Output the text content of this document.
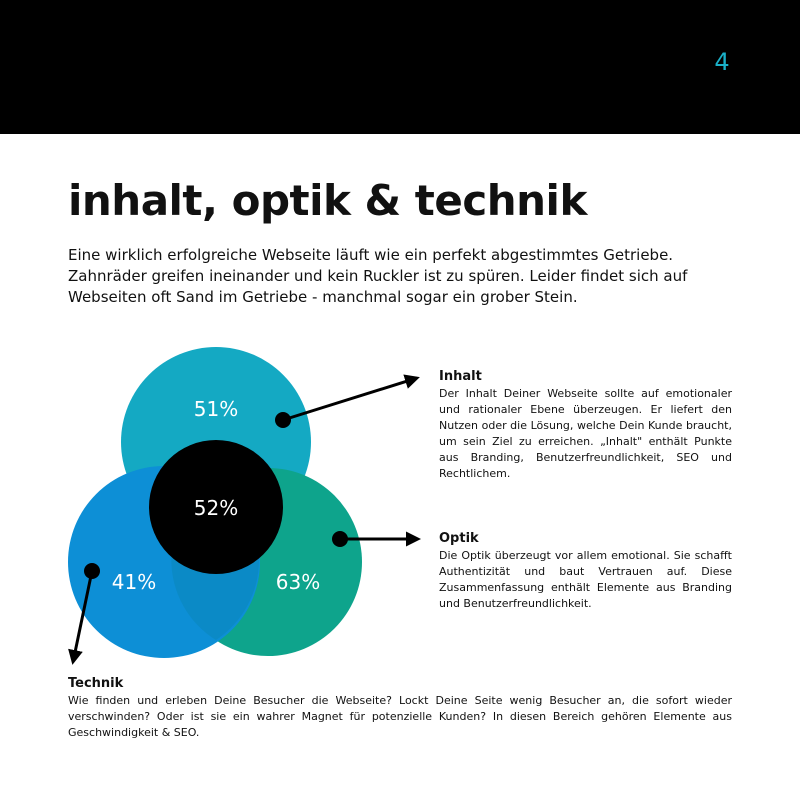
4
inhalt, optik & technik

Eine wirklich erfolgreiche Webseite läuft wie ein perfekt abgestimmtes Getriebe. Zahnräder greifen ineinander und kein Ruckler ist zu spüren. Leider findet sich auf Webseiten oft Sand im Getriebe - manchmal sogar ein grober Stein.

51%
52%
41%	63%
Inhalt

Der Inhalt Deiner Webseite sollte auf emotionaler und rationaler Ebene überzeugen. Er liefert den Nutzen oder die Lösung, welche Dein Kunde braucht, um sein Ziel zu erreichen. „Inhalt" enthält Punkte aus Branding, Benutzerfreundlichkeit, SEO und Rechtlichem.

Optik

Die Optik überzeugt vor allem emotional. Sie schafft Authentizität und baut Vertrauen auf. Diese Zusammenfassung enthält Elemente aus Branding und Benutzerfreundlichkeit.

Technik

Wie finden und erleben Deine Besucher die Webseite? Lockt Deine Seite wenig Besucher an, die sofort wieder verschwinden? Oder ist sie ein wahrer Magnet für potenzielle Kunden? In diesen Bereich gehören Elemente aus Geschwindigkeit & SEO.
